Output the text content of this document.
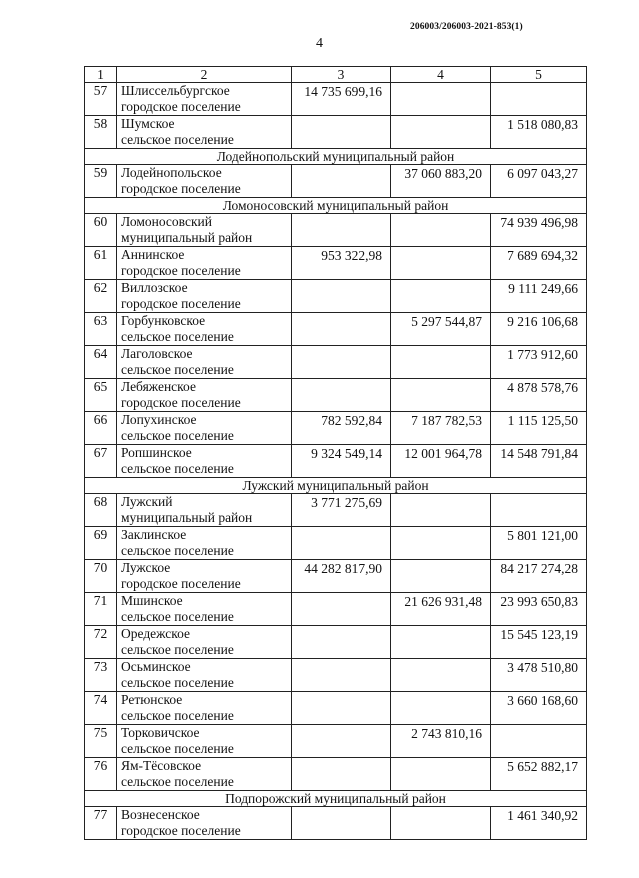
206003/206003-2021-853(1)
4
1	2	3	4	5
57	Шлиссельбургское
городское поселение	14 735 699,16		
58	Шумское
сельское поселение			1 518 080,83
Лодейнопольский муниципальный район				
59	Лодейнопольское
городское поселение		37 060 883,20	6 097 043,27
Ломоносовский муниципальный район				
60	Ломоносовский
муниципальный район			74 939 496,98
61	Аннинское
городское поселение	953 322,98		7 689 694,32
62	Виллозское
городское поселение			9 111 249,66
63	Горбунковское
сельское поселение		5 297 544,87	9 216 106,68
64	Лаголовское
сельское поселение			1 773 912,60
65	Лебяженское
городское поселение			4 878 578,76
66	Лопухинское
сельское поселение	782 592,84	7 187 782,53	1 115 125,50
67	Ропшинское
сельское поселение	9 324 549,14	12 001 964,78	14 548 791,84
Лужский муниципальный район				
68	Лужский
муниципальный район	3 771 275,69		
69	Заклинское
сельское поселение			5 801 121,00
70	Лужское
городское поселение	44 282 817,90		84 217 274,28
71	Мшинское
сельское поселение		21 626 931,48	23 993 650,83
72	Оредежское
сельское поселение			15 545 123,19
73	Осьминское
сельское поселение			3 478 510,80
74	Ретюнское
сельское поселение			3 660 168,60
75	Торковичское
сельское поселение		2 743 810,16	
76	Ям-Тёсовское
сельское поселение			5 652 882,17
Подпорожский муниципальный район				
77	Вознесенское
городское поселение			1 461 340,92
